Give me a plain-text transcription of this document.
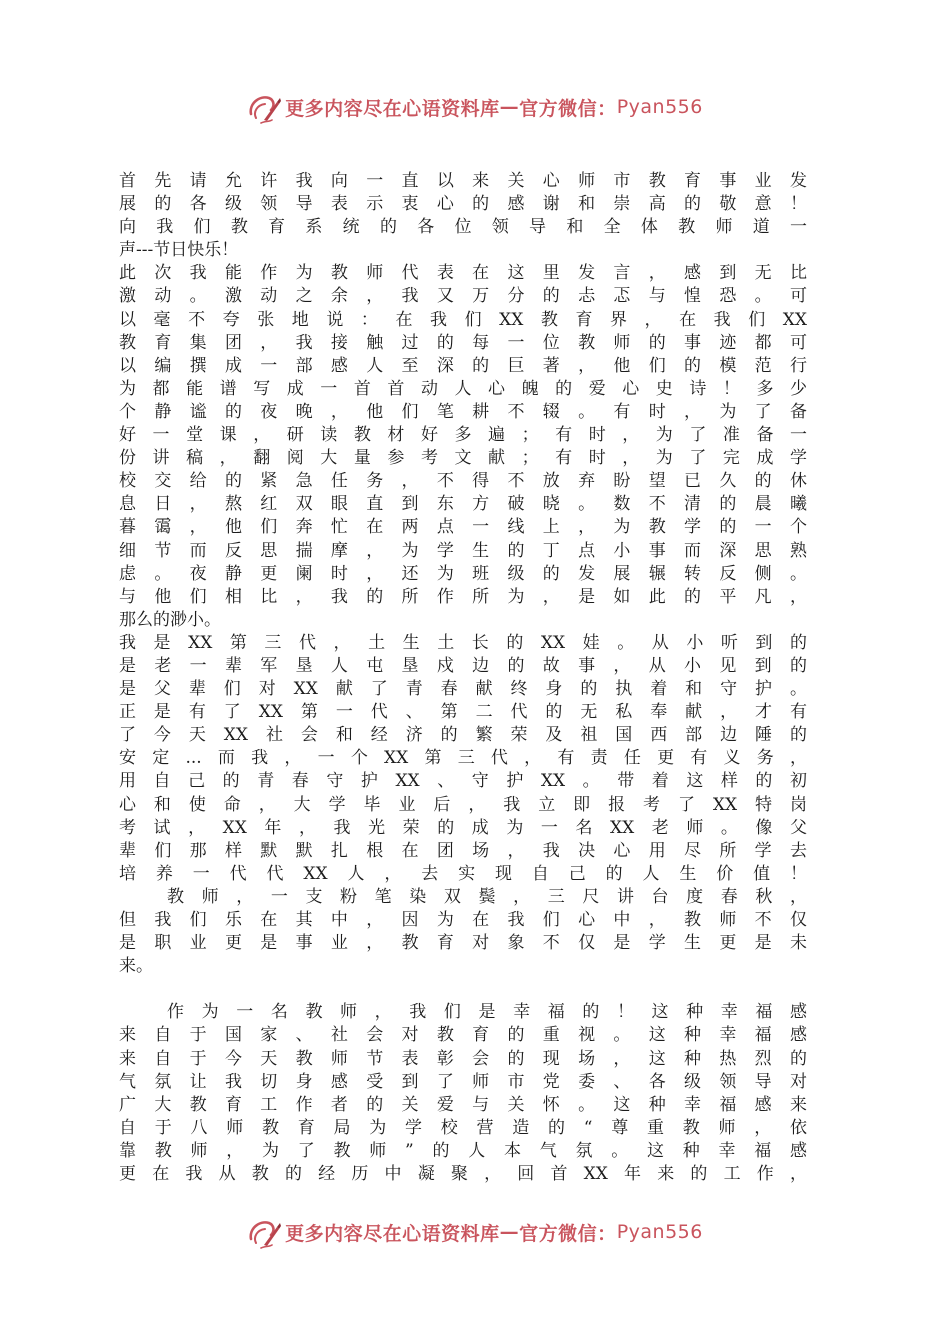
更多内容尽在心语资料库 — 官方微信： Pyan556
首先请允许我向一直以来关心师市教育事业发
展的各级领导表示衷心的感谢和崇高的敬意！
向我们教育系统的各位领导和全体教师道一
声---节日快乐！
此次我能作为教师代表在这里发言，感到无比
激动。激动之余，我又万分的忐忑与惶恐。可
以毫不夸张地说：在我们XX教育界，在我们XX
教育集团，我接触过的每一位教师的事迹都可
以编撰成一部感人至深的巨著，他们的模范行
为都能谱写成一首首动人心魄的爱心史诗！多少
个静谧的夜晚，他们笔耕不辍。有时，为了备
好一堂课，研读教材好多遍；有时，为了准备一
份讲稿，翻阅大量参考文献；有时，为了完成学
校交给的紧急任务，不得不放弃盼望已久的休
息日，熬红双眼直到东方破晓。数不清的晨曦
暮霭，他们奔忙在两点一线上，为教学的一个
细节而反思揣摩，为学生的丁点小事而深思熟
虑。夜静更阑时，还为班级的发展辗转反侧。
与他们相比，我的所作所为，是如此的平凡，
那么的渺小。
我是XX第三代，土生土长的XX娃。从小听到的
是老一辈军垦人屯垦戍边的故事，从小见到的
是父辈们对XX献了青春献终身的执着和守护。
正是有了XX第一代、第二代的无私奉献，才有
了今天XX社会和经济的繁荣及祖国西部边陲的
安定...而我，一个XX第三代，有责任更有义务，
用自己的青春守护XX、守护XX。带着这样的初
心和使命，大学毕业后，我立即报考了XX特岗
考试，XX年，我光荣的成为一名XX老师。像父
辈们那样默默扎根在团场，我决心用尽所学去
培养一代代XX人，去实现自己的人生价值！
教师，一支粉笔染双鬓，三尺讲台度春秋，
但我们乐在其中，因为在我们心中，教师不仅
是职业更是事业，教育对象不仅是学生更是未
来。
作为一名教师，我们是幸福的！这种幸福感
来自于国家、社会对教育的重视。这种幸福感
来自于今天教师节表彰会的现场，这种热烈的
气氛让我切身感受到了师市党委、各级领导对
广大教育工作者的关爱与关怀。这种幸福感来
自于八师教育局为学校营造的“尊重教师，依
靠教师，为了教师”的人本气氛。这种幸福感
更在我从教的经历中凝聚，回首XX年来的工作，
更多内容尽在心语资料库 — 官方微信： Pyan556
